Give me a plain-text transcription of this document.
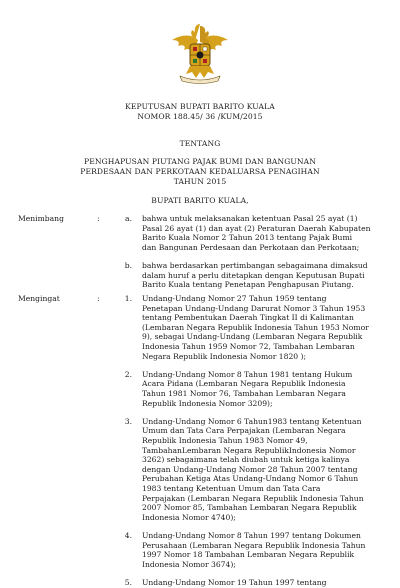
KEPUTUSAN BUPATI BARITO KUALA
NOMOR 188.45/ 36 /KUM/2015
TENTANG
PENGHAPUSAN PIUTANG PAJAK BUMI DAN BANGUNAN
PERDESAAN DAN PERKOTAAN KEDALUARSA PENAGIHAN
TAHUN 2015
BUPATI BARITO KUALA,
Menimbang	:	a. bahwa untuk melaksanakan ketentuan Pasal 25 ayat (1)
Pasal 26 ayat (1) dan ayat (2) Peraturan Daerah Kabupaten
Barito Kuala Nomor 2 Tahun 2013 tentang Pajak Bumi
dan Bangunan Perdesaan dan Perkotaan dan Perkotaan;
b. bahwa berdasarkan pertimbangan sebagaimana dimaksud
dalam huruf a perlu ditetapkan dengan Keputusan Bupati
Barito Kuala tentang Penetapan Penghapusan Piutang.
Mengingat	:	1. Undang-Undang Nomor 27 Tahun 1959 tentang
Penetapan Undang-Undang Darurat Nomor 3 Tahun 1953
tentang Pembentukan Daerah Tingkat II di Kalimantan
(Lembaran Negara Republik Indonesia Tahun 1953 Nomor
9), sebagai Undang-Undang (Lembaran Negara Republik
Indonesia Tahun 1959 Nomor 72, Tambahan Lembaran
Negara Republik Indonesia Nomor 1820 );
2. Undang-Undang Nomor 8 Tahun 1981 tentang Hukum
Acara Pidana (Lembaran Negara Republik Indonesia
Tahun 1981 Nomor 76, Tambahan Lembaran Negara
Republik Indonesia Nomor 3209);
3. Undang-Undang Nomor 6 Tahun1983 tentang Ketentuan
Umum dan Tata Cara Perpajakan (Lembaran Negara
Republik Indonesia Tahun 1983 Nomor 49,
TambahanLembaran Negara RepublikIndonesia Nomor
3262) sebagaimana telah diubah untuk ketiga kalinya
dengan Undang-Undang Nomor 28 Tahun 2007 tentang
Perubahan Ketiga Atas Undang-Undang Nomor 6 Tahun
1983 tentang Ketentuan Umum dan Tata Cara
Perpajakan (Lembaran Negara Republik Indonesia Tahun
2007 Nomor 85, Tambahan Lembaran Negara Republik
Indonesia Nomor 4740);
4. Undang-Undang Nomor 8 Tahun 1997 tentang Dokumen
Perusahaan (Lembaran Negara Republik Indonesia Tahun
1997 Nomor 18 Tambahan Lembaran Negara Republik
Indonesia Nomor 3674);
5. Undang-Undang Nomor 19 Tahun 1997 tentang
